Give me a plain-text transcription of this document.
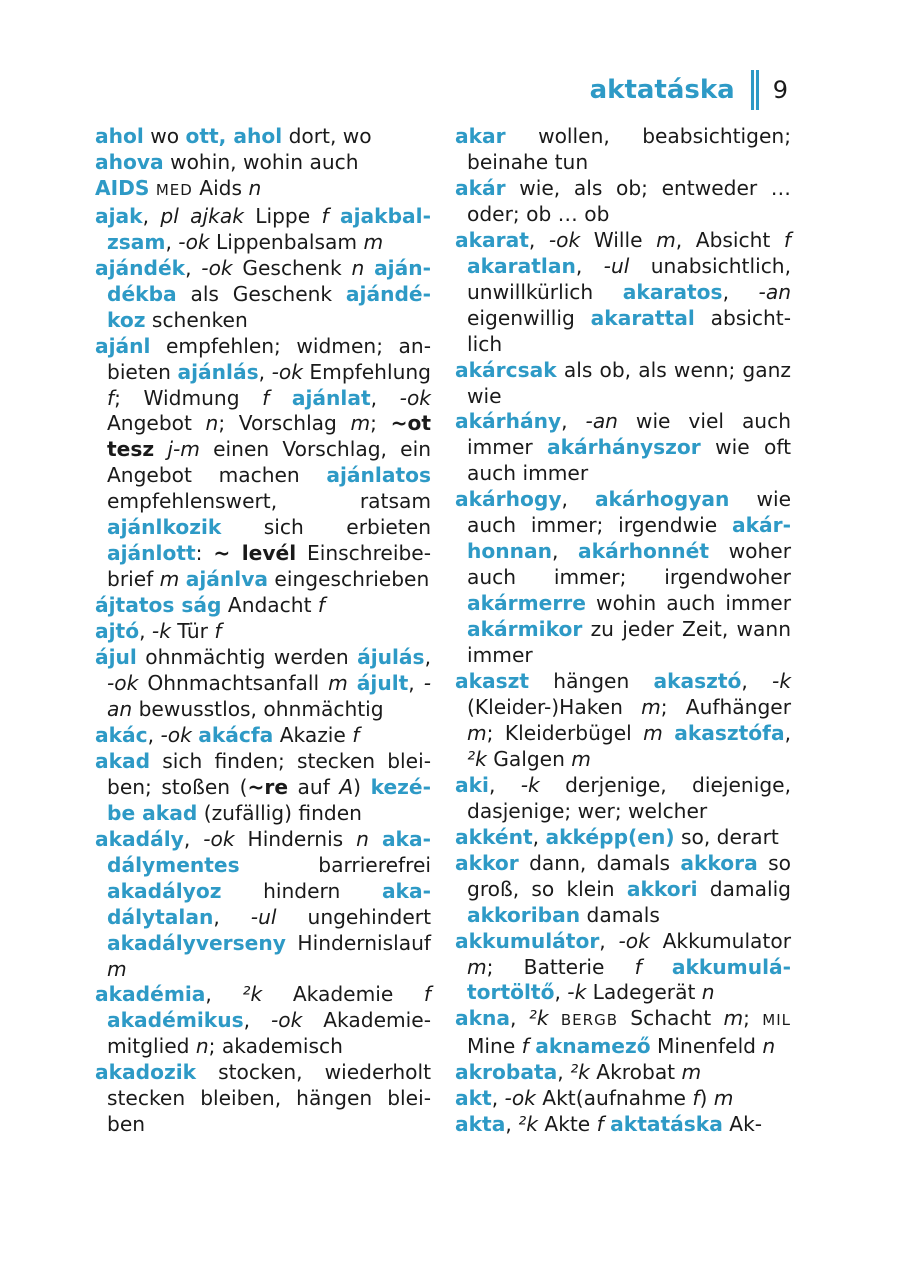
aktatáska 9
ahol wo ott, ahol dort, wo
ahova wohin, wohin auch
AIDS MED Aids n
ajak, pl ajkak Lippe f ajakbalzsam, -ok Lippenbalsam m
ajándék, -ok Geschenk n ajándékba als Geschenk ajándékoz schenken
ajánl empfehlen; widmen; anbieten ajánlás, -ok Empfehlung f; Widmung f ajánlat, -ok Angebot n; Vorschlag m; ~ot tesz j-m einen Vorschlag, ein Angebot machen ajánlatos empfehlenswert, ratsam ajánlkozik sich erbieten ajánlott: ~ levél Einschreibebrief m ajánlva eingeschrieben
ájtatos ság Andacht f
ajtó, -k Tür f
ájul ohnmächtig werden ájulás, -ok Ohnmachtsanfall m ájult, -an bewusstlos, ohnmächtig
akác, -ok akácfa Akazie f
akad sich finden; stecken bleiben; stoßen (~re auf A) kezébe akad (zufällig) finden
akadály, -ok Hindernis n akadálymentes barrierefrei akadályoz hindern akadálytalan, -ul ungehindert akadályverseny Hindernislauf m
akadémia, ²k Akademie f akadémikus, -ok Akademiemitglied n; akademisch
akadozik stocken, wiederholt stecken bleiben, hängen bleiben
akar wollen, beabsichtigen; beinahe tun
akár wie, als ob; entweder … oder; ob … ob
akarat, -ok Wille m, Absicht f akaratlan, -ul unabsichtlich, unwillkürlich akaratos, -an eigenwillig akarattal absichtlich
akárcsak als ob, als wenn; ganz wie
akárhány, -an wie viel auch immer akárhányszor wie oft auch immer
akárhogy, akárhogyan wie auch immer; irgendwie akárhonnan, akárhonnét woher auch immer; irgendwoher akármerre wohin auch immer akármikor zu jeder Zeit, wann immer
akaszt hängen akasztó, -k (Kleider-)Haken m; Aufhänger m; Kleiderbügel m akasztófa, ²k Galgen m
aki, -k derjenige, diejenige, dasjenige; wer; welcher
akként, akképp(en) so, derart
akkor dann, damals akkora so groß, so klein akkori damalig akkoriban damals
akkumulátor, -ok Akkumulator m; Batterie f akkumulátortöltő, -k Ladegerät n
akna, ²k BERGB Schacht m; MIL Mine f aknamező Minenfeld n
akrobata, ²k Akrobat m
akt, -ok Akt(aufnahme f) m
akta, ²k Akte f aktatáska Ak-
